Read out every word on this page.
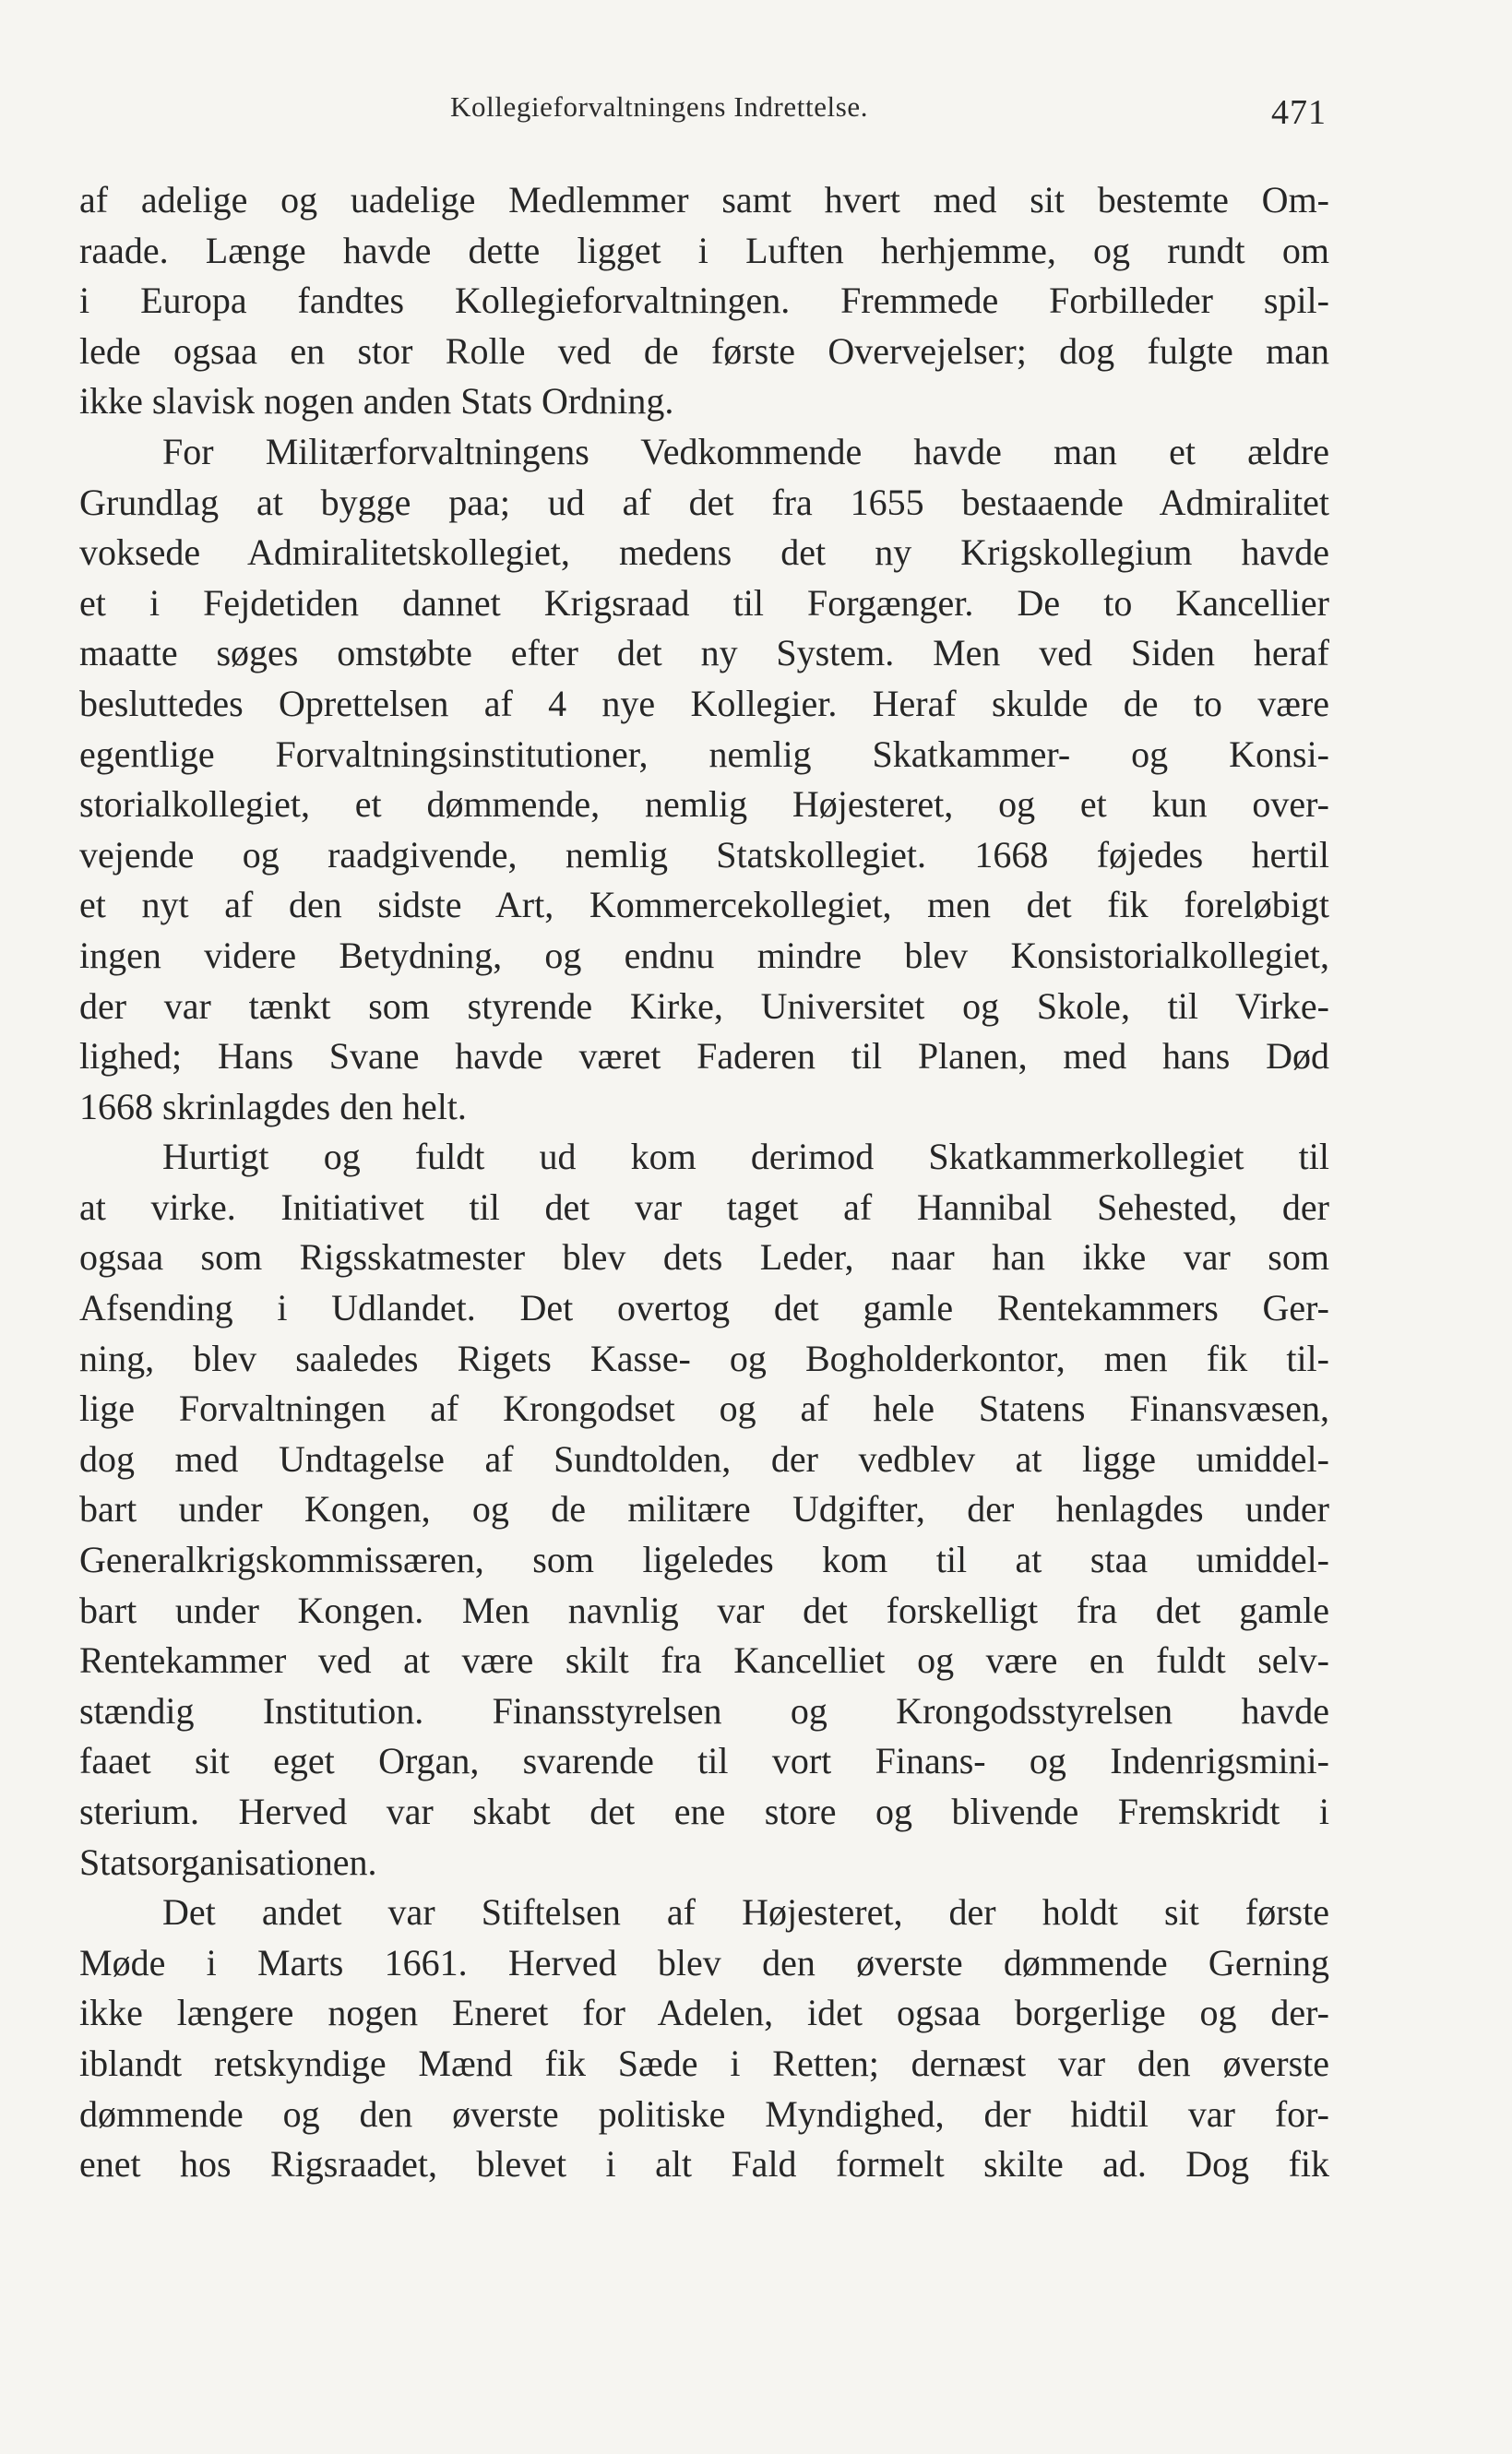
Kollegieforvaltningens Indrettelse.	471
af adelige og uadelige Medlemmer samt hvert med sit bestemte Om-
raade. Længe havde dette ligget i Luften herhjemme, og rundt om
i Europa fandtes Kollegieforvaltningen. Fremmede Forbilleder spil-
lede ogsaa en stor Rolle ved de første Overvejelser; dog fulgte man
ikke slavisk nogen anden Stats Ordning.
For Militærforvaltningens Vedkommende havde man et ældre
Grundlag at bygge paa; ud af det fra 1655 bestaaende Admiralitet
voksede Admiralitetskollegiet, medens det ny Krigskollegium havde
et i Fejdetiden dannet Krigsraad til Forgænger. De to Kancellier
maatte søges omstøbte efter det ny System. Men ved Siden heraf
besluttedes Oprettelsen af 4 nye Kollegier. Heraf skulde de to være
egentlige Forvaltningsinstitutioner, nemlig Skatkammer- og Konsi-
storialkollegiet, et dømmende, nemlig Højesteret, og et kun over-
vejende og raadgivende, nemlig Statskollegiet. 1668 føjedes hertil
et nyt af den sidste Art, Kommercekollegiet, men det fik foreløbigt
ingen videre Betydning, og endnu mindre blev Konsistorialkollegiet,
der var tænkt som styrende Kirke, Universitet og Skole, til Virke-
lighed; Hans Svane havde været Faderen til Planen, med hans Død
1668 skrinlagdes den helt.
Hurtigt og fuldt ud kom derimod Skatkammerkollegiet til
at virke. Initiativet til det var taget af Hannibal Sehested, der
ogsaa som Rigsskatmester blev dets Leder, naar han ikke var som
Afsending i Udlandet. Det overtog det gamle Rentekammers Ger-
ning, blev saaledes Rigets Kasse- og Bogholderkontor, men fik til-
lige Forvaltningen af Krongodset og af hele Statens Finansvæsen,
dog med Undtagelse af Sundtolden, der vedblev at ligge umiddel-
bart under Kongen, og de militære Udgifter, der henlagdes under
Generalkrigskommissæren, som ligeledes kom til at staa umiddel-
bart under Kongen. Men navnlig var det forskelligt fra det gamle
Rentekammer ved at være skilt fra Kancelliet og være en fuldt selv-
stændig Institution. Finansstyrelsen og Krongodsstyrelsen havde
faaet sit eget Organ, svarende til vort Finans- og Indenrigsmini-
sterium. Herved var skabt det ene store og blivende Fremskridt i
Statsorganisationen.
Det andet var Stiftelsen af Højesteret, der holdt sit første
Møde i Marts 1661. Herved blev den øverste dømmende Gerning
ikke længere nogen Eneret for Adelen, idet ogsaa borgerlige og der-
iblandt retskyndige Mænd fik Sæde i Retten; dernæst var den øverste
dømmende og den øverste politiske Myndighed, der hidtil var for-
enet hos Rigsraadet, blevet i alt Fald formelt skilte ad. Dog fik
